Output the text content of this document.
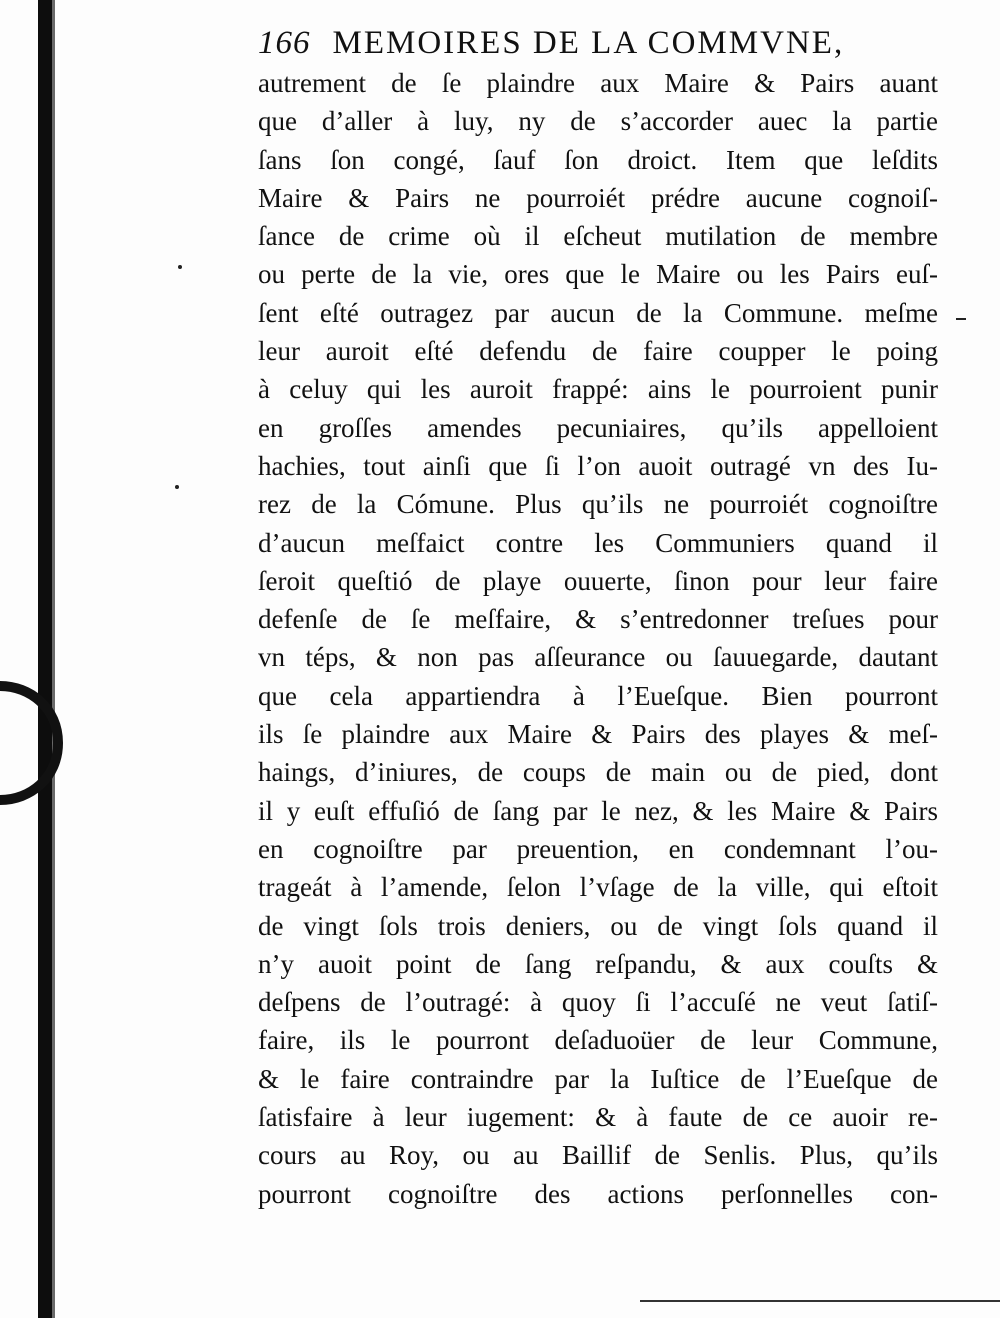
166 MEMOIRES DE LA COMMVNE,
autrement de ſe plaindre aux Maire & Pairs auant
que d’aller à luy, ny de s’accorder auec la partie
ſans ſon congé, ſauf ſon droict. Item que leſdits
Maire & Pairs ne pourroiét prédre aucune cognoiſ-
ſance de crime où il eſcheut mutilation de membre
ou perte de la vie, ores que le Maire ou les Pairs euſ-
ſent eſté outragez par aucun de la Commune. meſme
leur auroit eſté defendu de faire coupper le poing
à celuy qui les auroit frappé: ains le pourroient punir
en groſſes amendes pecuniaires, qu’ils appelloient
hachies, tout ainſi que ſi l’on auoit outragé vn des Iu-
rez de la Cómune. Plus qu’ils ne pourroiét cognoiſtre
d’aucun meſfaict contre les Communiers quand il
ſeroit queſtió de playe ouuerte, ſinon pour leur faire
defenſe de ſe meſfaire, & s’entredonner treſues pour
vn téps, & non pas aſſeurance ou ſauuegarde, dautant
que cela appartiendra à l’Eueſque. Bien pourront
ils ſe plaindre aux Maire & Pairs des playes & meſ-
haings, d’iniures, de coups de main ou de pied, dont
il y euſt effuſió de ſang par le nez, & les Maire & Pairs
en cognoiſtre par preuention, en condemnant l’ou-
trageát à l’amende, ſelon l’vſage de la ville, qui eſtoit
de vingt ſols trois deniers, ou de vingt ſols quand il
n’y auoit point de ſang reſpandu, & aux couſts &
deſpens de l’outragé: à quoy ſi l’accuſé ne veut ſatiſ-
faire, ils le pourront deſaduoüer de leur Commune,
& le faire contraindre par la Iuſtice de l’Eueſque de
ſatisfaire à leur iugement: & à faute de ce auoir re-
cours au Roy, ou au Baillif de Senlis. Plus, qu’ils
pourront cognoiſtre des actions perſonnelles con-
